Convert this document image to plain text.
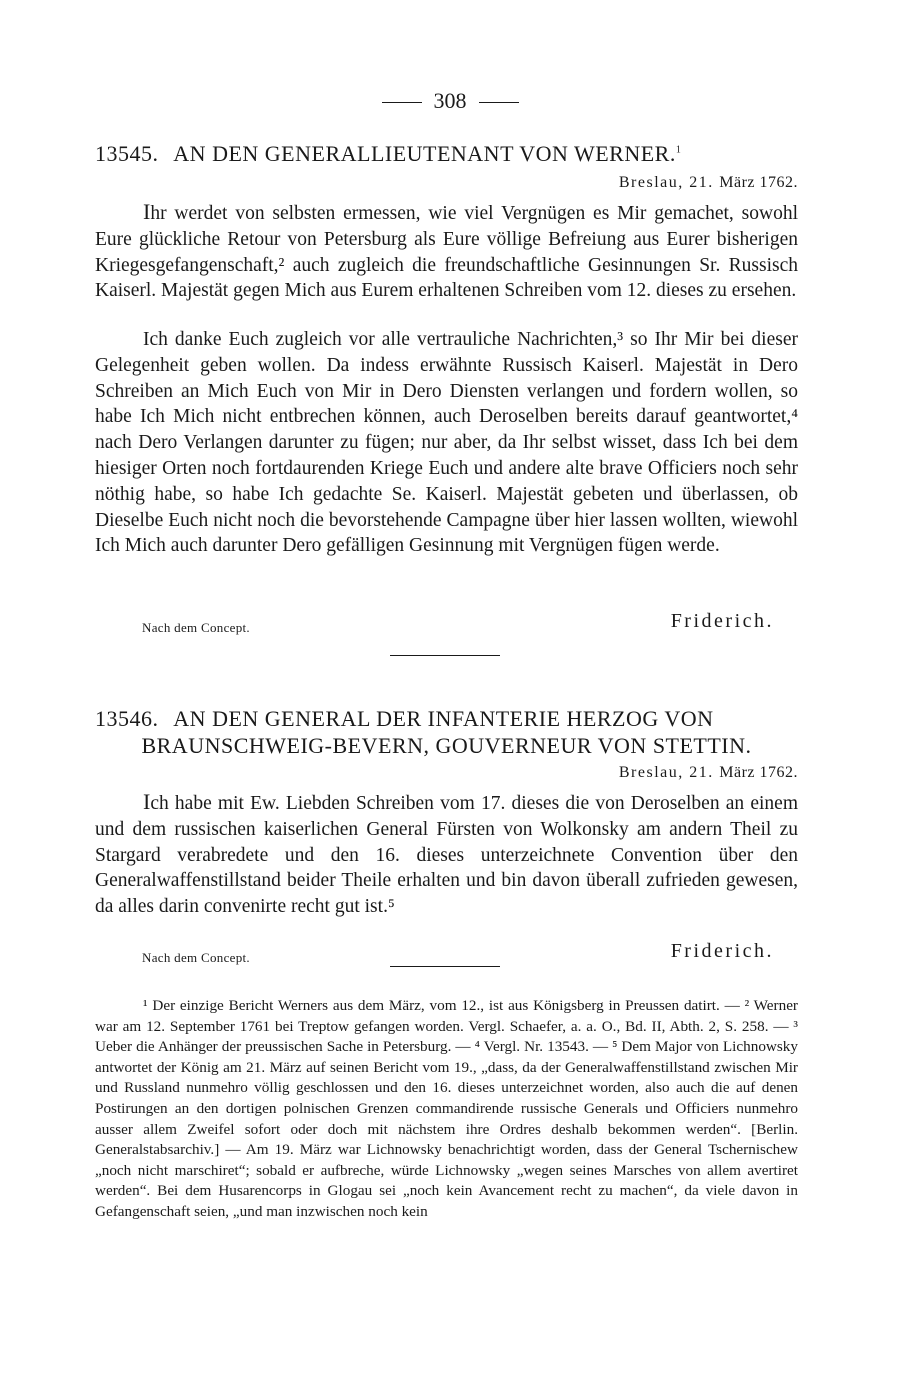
308
13545. AN DEN GENERALLIEUTENANT VON WERNER.$^1$
Breslau, 21. März 1762.

Ihr werdet von selbsten ermessen, wie viel Vergnügen es Mir gemachet, sowohl Eure glückliche Retour von Petersburg als Eure völlige Befreiung aus Eurer bisherigen Kriegesgefangenschaft,² auch zugleich die freundschaftliche Gesinnungen Sr. Russisch Kaiserl. Majestät gegen Mich aus Eurem erhaltenen Schreiben vom 12. dieses zu ersehen.

Ich danke Euch zugleich vor alle vertrauliche Nachrichten,³ so Ihr Mir bei dieser Gelegenheit geben wollen. Da indess erwähnte Russisch Kaiserl. Majestät in Dero Schreiben an Mich Euch von Mir in Dero Diensten verlangen und fordern wollen, so habe Ich Mich nicht entbrechen können, auch Deroselben bereits darauf geantwortet,⁴ nach Dero Verlangen darunter zu fügen; nur aber, da Ihr selbst wisset, dass Ich bei dem hiesiger Orten noch fortdaurenden Kriege Euch und andere alte brave Officiers noch sehr nöthig habe, so habe Ich gedachte Se. Kaiserl. Majestät gebeten und überlassen, ob Dieselbe Euch nicht noch die bevorstehende Campagne über hier lassen wollten, wiewohl Ich Mich auch darunter Dero gefälligen Gesinnung mit Vergnügen fügen werde.

Nach dem Concept.	Friderich.
13546. AN DEN GENERAL DER INFANTERIE HERZOG VON
BRAUNSCHWEIG-BEVERN, GOUVERNEUR VON STETTIN.
Breslau, 21. März 1762.

Ich habe mit Ew. Liebden Schreiben vom 17. dieses die von Deroselben an einem und dem russischen kaiserlichen General Fürsten von Wolkonsky am andern Theil zu Stargard verabredete und den 16. dieses unterzeichnete Convention über den Generalwaffenstillstand beider Theile erhalten und bin davon überall zufrieden gewesen, da alles darin convenirte recht gut ist.⁵

Nach dem Concept.	Friderich.

¹ Der einzige Bericht Werners aus dem März, vom 12., ist aus Königsberg in Preussen datirt. — ² Werner war am 12. September 1761 bei Treptow gefangen worden. Vergl. Schaefer, a. a. O., Bd. II, Abth. 2, S. 258. — ³ Ueber die Anhänger der preussischen Sache in Petersburg. — ⁴ Vergl. Nr. 13543. — ⁵ Dem Major von Lichnowsky antwortet der König am 21. März auf seinen Bericht vom 19., „dass, da der Generalwaffenstillstand zwischen Mir und Russland nunmehro völlig geschlossen und den 16. dieses unterzeichnet worden, also auch die auf denen Postirungen an den dortigen polnischen Grenzen commandirende russische Generals und Officiers nunmehro ausser allem Zweifel sofort oder doch mit nächstem ihre Ordres deshalb bekommen werden“. [Berlin. Generalstabsarchiv.] — Am 19. März war Lichnowsky benachrichtigt worden, dass der General Tschernischew „noch nicht marschiret“; sobald er aufbreche, würde Lichnowsky „wegen seines Marsches von allem avertiret werden“. Bei dem Husarencorps in Glogau sei „noch kein Avancement recht zu machen“, da viele davon in Gefangenschaft seien, „und man inzwischen noch kein
